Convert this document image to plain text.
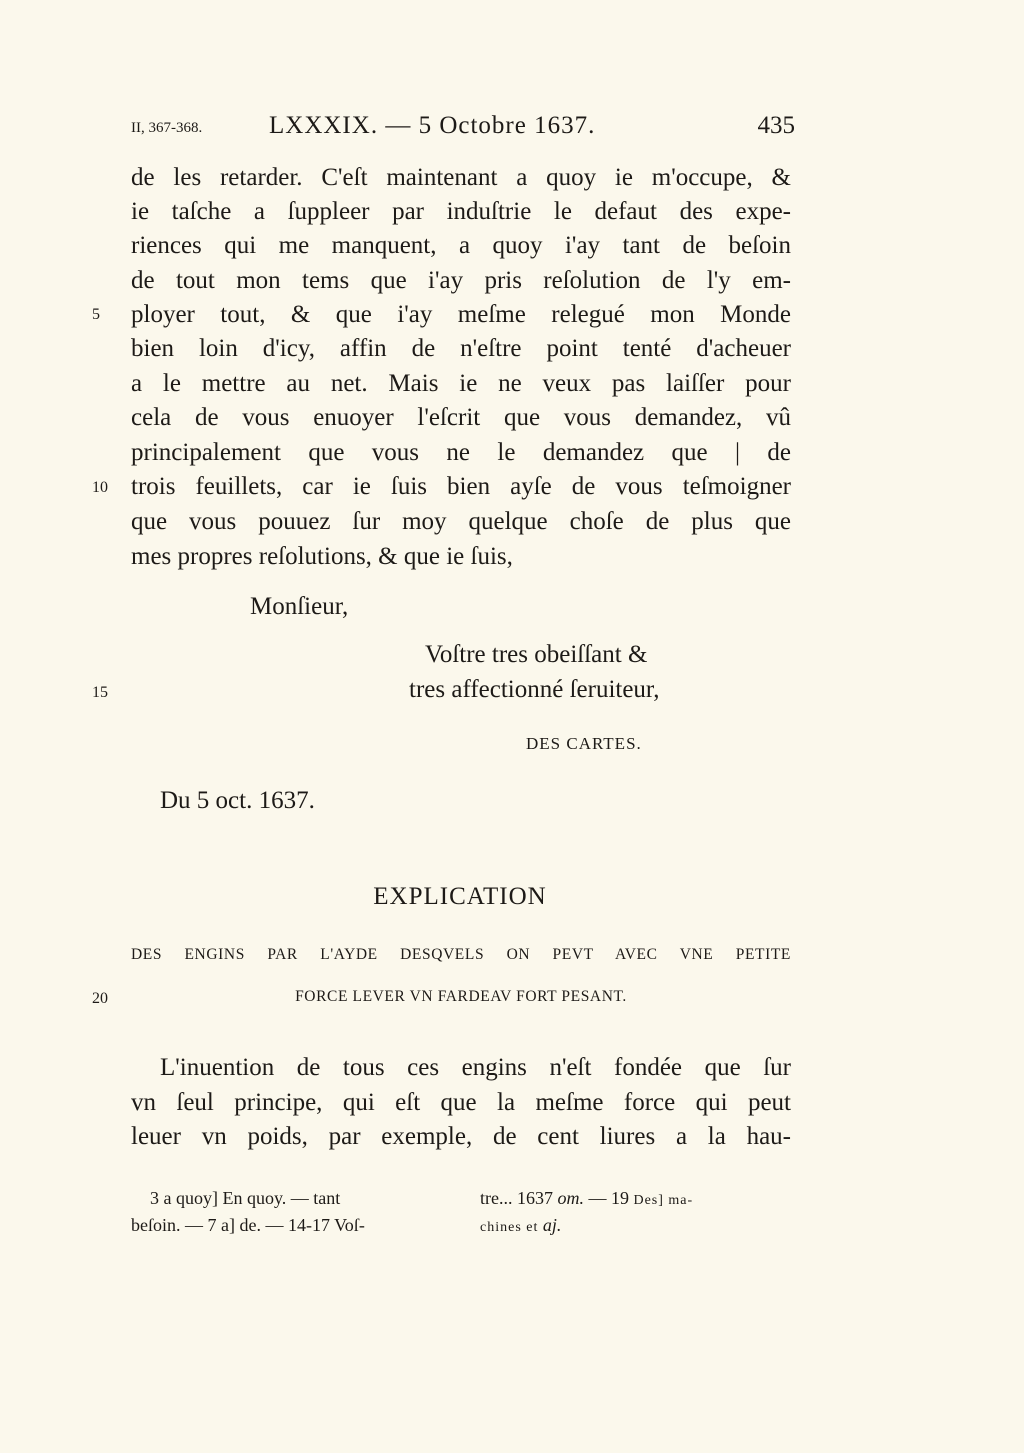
II, 367-368.	LXXXIX. — 5 Octobre 1637.	435
de les retarder. C'eſt maintenant a quoy ie m'occupe, &
ie taſche a ſuppleer par induſtrie le defaut des expe-
riences qui me manquent, a quoy i'ay tant de beſoin
de tout mon tems que i'ay pris reſolution de l'y em-
ployer tout, & que i'ay meſme relegué mon Monde
bien loin d'icy, affin de n'eſtre point tenté d'acheuer
a le mettre au net. Mais ie ne veux pas laiſſer pour
cela de vous enuoyer l'eſcrit que vous demandez, vû
principalement que vous ne le demandez que | de
trois feuillets, car ie ſuis bien ayſe de vous teſmoigner
que vous pouuez ſur moy quelque choſe de plus que
mes propres reſolutions, & que ie ſuis,
5
10
15
20
Monſieur,
Voſtre tres obeiſſant &
tres affectionné ſeruiteur,
DES CARTES.
Du 5 oct. 1637.
EXPLICATION
DES ENGINS PAR L'AYDE DESQVELS ON PEVT AVEC VNE PETITE
FORCE LEVER VN FARDEAV FORT PESANT.
L'inuention de tous ces engins n'eſt fondée que ſur
vn ſeul principe, qui eſt que la meſme force qui peut
leuer vn poids, par exemple, de cent liures a la hau-
3 a quoy] En quoy. — tant
beſoin. — 7 a] de. — 14-17 Voſ-
tre... 1637 om. — 19 Des] ma-
chines et aj.
